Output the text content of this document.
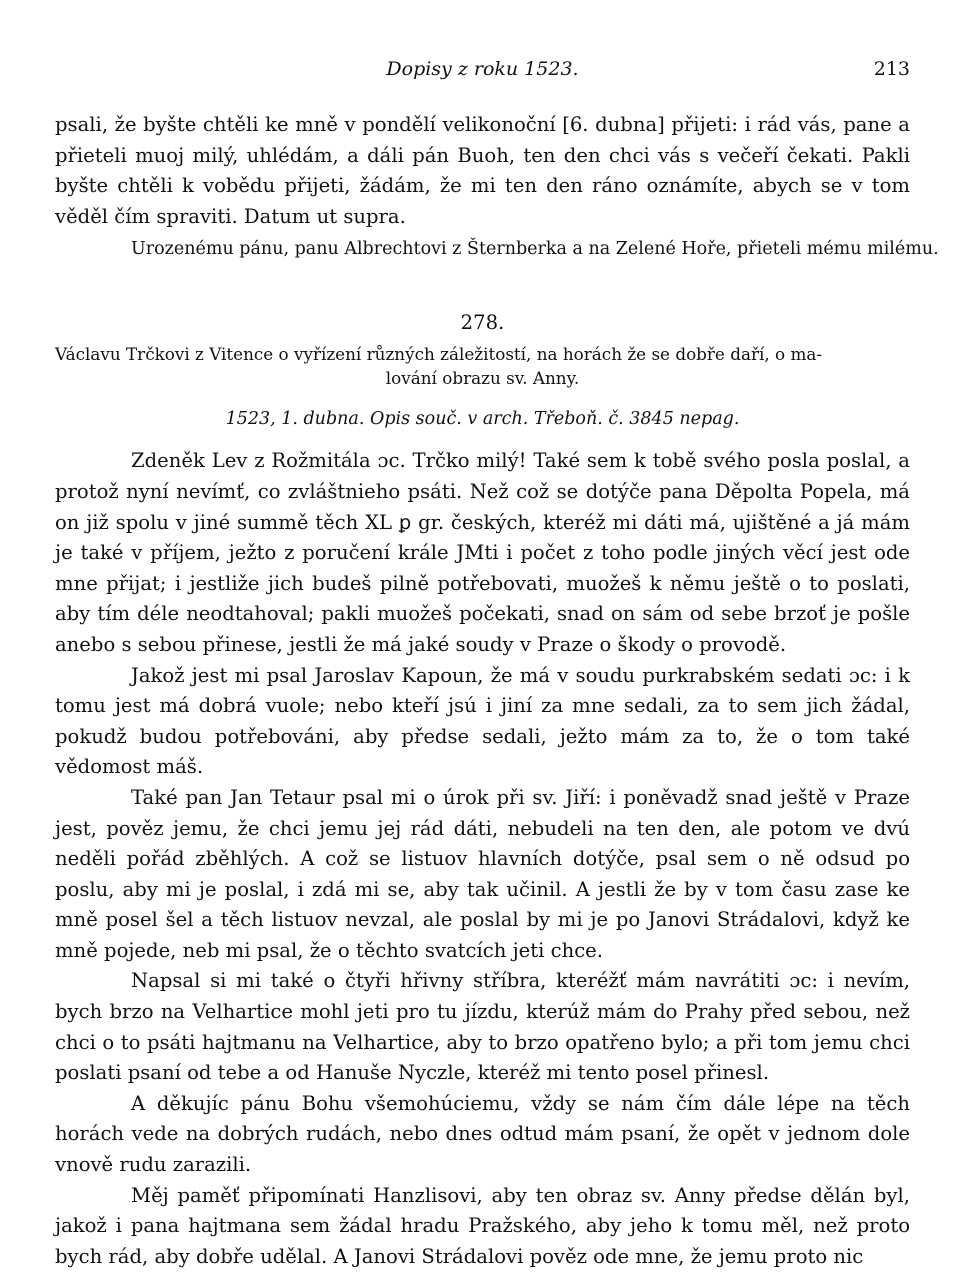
Dopisy z roku 1523.	213

psali, že byšte chtěli ke mně v pondělí velikonoční [6. dubna] přijeti: i rád vás, pane a přieteli muoj milý, uhlédám, a dáli pán Buoh, ten den chci vás s večeří čekati. Pakli byšte chtěli k vobědu přijeti, žádám, že mi ten den ráno oznámíte, abych se v tom věděl čím spraviti. Datum ut supra.

Urozenému pánu, panu Albrechtovi z Šternberka a na Zelené Hoře, přieteli mému milému.

278.

Václavu Trčkovi z Vitence o vyřízení různých záležitostí, na horách že se dobře daří, o ma-
lování obrazu sv. Anny.

1523, 1. dubna. Opis souč. v arch. Třeboň. č. 3845 nepag.

Zdeněk Lev z Rožmitála ɔc. Trčko milý! Také sem k tobě svého posla poslal, a protož nyní nevímť, co zvláštnieho psáti. Než což se dotýče pana Děpolta Popela, má on již spolu v jiné summě těch XL ꝑ gr. českých, kteréž mi dáti má, ujištěné a já mám je také v příjem, ježto z poručení krále JMti i počet z toho podle jiných věcí jest ode mne přijat; i jestliže jich budeš pilně potřebovati, muožeš k němu ještě o to poslati, aby tím déle neodtahoval; pakli muožeš počekati, snad on sám od sebe brzoť je pošle anebo s sebou přinese, jestli že má jaké soudy v Praze o škody o provodě.

Jakož jest mi psal Jaroslav Kapoun, že má v soudu purkrabském sedati ɔc: i k tomu jest má dobrá vuole; nebo kteří jsú i jiní za mne sedali, za to sem jich žádal, pokudž budou potřebováni, aby předse sedali, ježto mám za to, že o tom také vědomost máš.

Také pan Jan Tetaur psal mi o úrok při sv. Jiří: i poněvadž snad ještě v Praze jest, pověz jemu, že chci jemu jej rád dáti, nebudeli na ten den, ale potom ve dvú neděli pořád zběhlých. A což se listuov hlavních dotýče, psal sem o ně odsud po poslu, aby mi je poslal, i zdá mi se, aby tak učinil. A jestli že by v tom času zase ke mně posel šel a těch listuov nevzal, ale poslal by mi je po Janovi Strádalovi, když ke mně pojede, neb mi psal, že o těchto svatcích jeti chce.

Napsal si mi také o čtyři hřivny stříbra, kteréžť mám navrátiti ɔc: i nevím, bych brzo na Velhartice mohl jeti pro tu jízdu, kterúž mám do Prahy před sebou, než chci o to psáti hajtmanu na Velhartice, aby to brzo opatřeno bylo; a při tom jemu chci poslati psaní od tebe a od Hanuše Nyczle, kteréž mi tento posel přinesl.

A děkujíc pánu Bohu všemohúciemu, vždy se nám čím dále lépe na těch horách vede na dobrých rudách, nebo dnes odtud mám psaní, že opět v jednom dole vnově rudu zarazili.

Měj paměť připomínati Hanzlisovi, aby ten obraz sv. Anny předse dělán byl, jakož i pana hajtmana sem žádal hradu Pražského, aby jeho k tomu měl, než proto bych rád, aby dobře udělal. A Janovi Strádalovi pověz ode mne, že jemu proto nic
